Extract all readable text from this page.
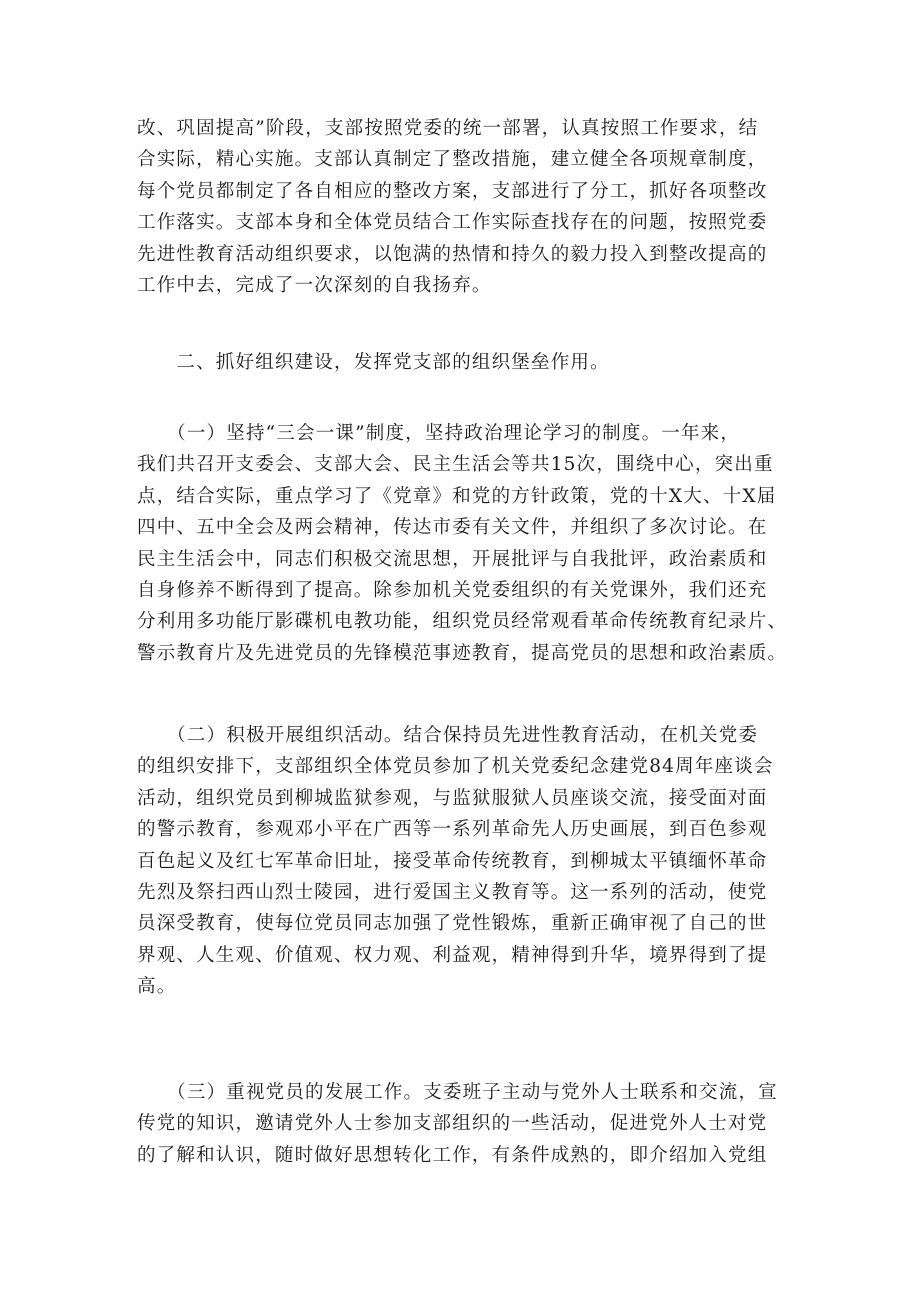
改、巩固提高”阶段，支部按照党委的统一部署，认真按照工作要求，结
合实际，精心实施。支部认真制定了整改措施，建立健全各项规章制度，
每个党员都制定了各自相应的整改方案，支部进行了分工，抓好各项整改
工作落实。支部本身和全体党员结合工作实际查找存在的问题，按照党委
先进性教育活动组织要求，以饱满的热情和持久的毅力投入到整改提高的
工作中去，完成了一次深刻的自我扬弃。

　　二、抓好组织建设，发挥党支部的组织堡垒作用。

　　（一）坚持“三会一课”制度，坚持政治理论学习的制度。一年来，
我们共召开支委会、支部大会、民主生活会等共15次，围绕中心，突出重
点，结合实际，重点学习了《党章》和党的方针政策，党的十X大、十X届
四中、五中全会及两会精神，传达市委有关文件，并组织了多次讨论。在
民主生活会中，同志们积极交流思想，开展批评与自我批评，政治素质和
自身修养不断得到了提高。除参加机关党委组织的有关党课外，我们还充
分利用多功能厅影碟机电教功能，组织党员经常观看革命传统教育纪录片、
警示教育片及先进党员的先锋模范事迹教育，提高党员的思想和政治素质。

　　（二）积极开展组织活动。结合保持员先进性教育活动，在机关党委
的组织安排下，支部组织全体党员参加了机关党委纪念建党84周年座谈会
活动，组织党员到柳城监狱参观，与监狱服狱人员座谈交流，接受面对面
的警示教育，参观邓小平在广西等一系列革命先人历史画展，到百色参观
百色起义及红七军革命旧址，接受革命传统教育，到柳城太平镇缅怀革命
先烈及祭扫西山烈士陵园，进行爱国主义教育等。这一系列的活动，使党
员深受教育，使每位党员同志加强了党性锻炼，重新正确审视了自己的世
界观、人生观、价值观、权力观、利益观，精神得到升华，境界得到了提
高。

　　（三）重视党员的发展工作。支委班子主动与党外人士联系和交流，宣
传党的知识，邀请党外人士参加支部组织的一些活动，促进党外人士对党
的了解和认识，随时做好思想转化工作，有条件成熟的，即介绍加入党组
